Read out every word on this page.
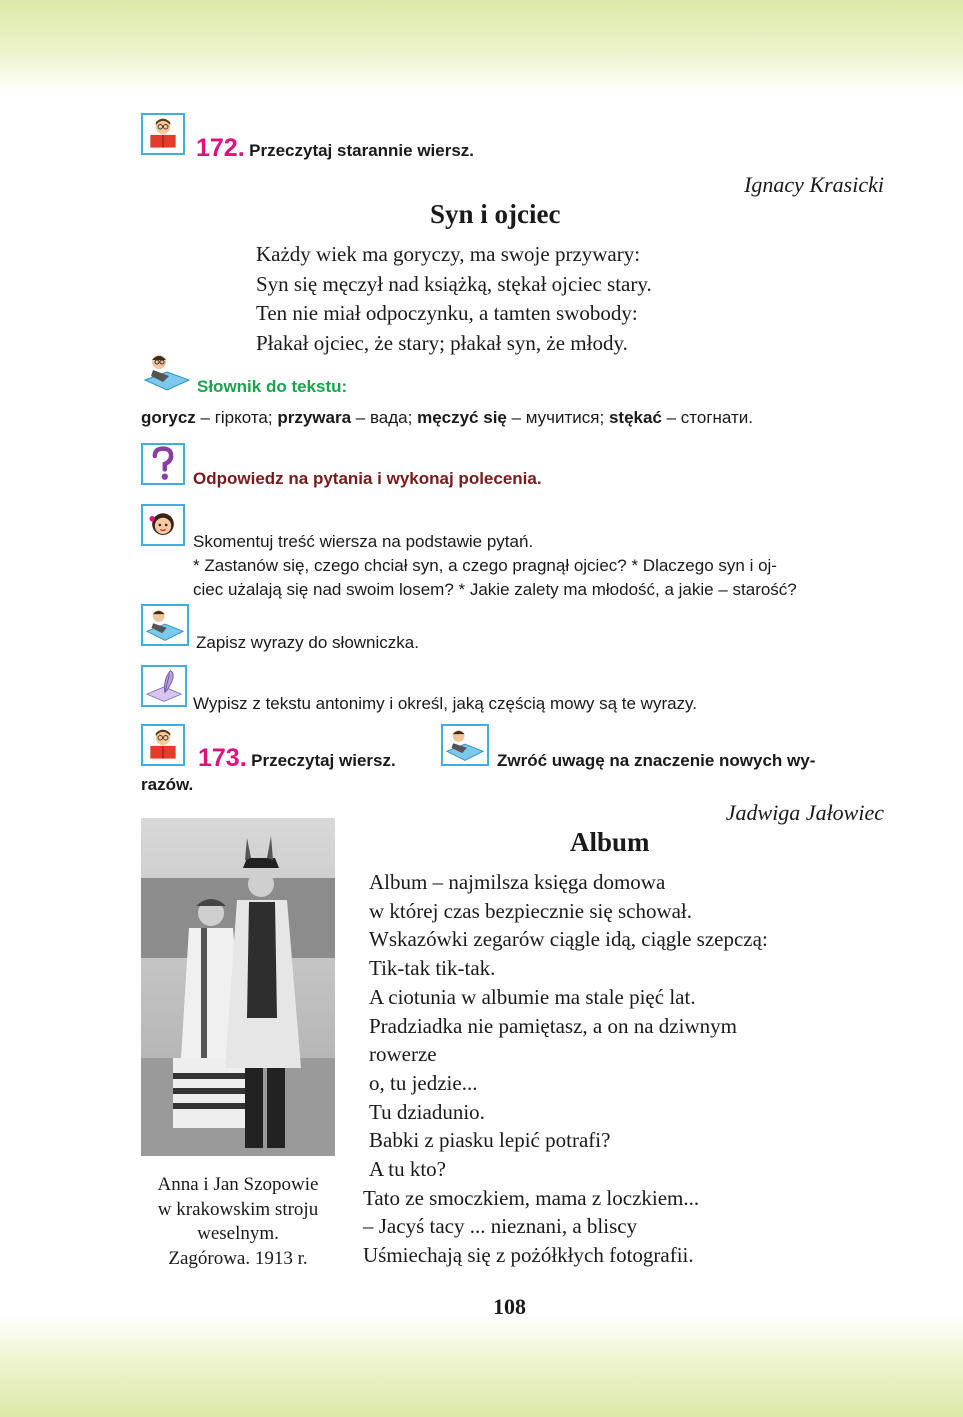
172. Przeczytaj starannie wiersz.
Ignacy Krasicki
Syn i ojciec
Każdy wiek ma goryczy, ma swoje przywary:
Syn się męczył nad książką, stękał ojciec stary.
Ten nie miał odpoczynku, a tamten swobody:
Płakał ojciec, że stary; płakał syn, że młody.
Słownik do tekstu:
gorycz – гіркота; przywara – вада; męczyć się – мучитися; stękać – стогнати.
Odpowiedz na pytania i wykonaj polecenia.
Skomentuj treść wiersza na podstawie pytań.
* Zastanów się, czego chciał syn, a czego pragnął ojciec? * Dlaczego syn i oj-
ciec użalają się nad swoim losem? * Jakie zalety ma młodość, a jakie – starość?
Zapisz wyrazy do słowniczka.
Wypisz z tekstu antonimy i określ, jaką częścią mowy są te wyrazy.
173. Przeczytaj wiersz.	Zwróć uwagę na znaczenie nowych wy-
razów.
Jadwiga Jałowiec
Album
Anna i Jan Szopowie
w krakowskim stroju
weselnym.
Zagórowa. 1913 r.
Album – najmilsza księga domowa
w której czas bezpiecznie się schował.
Wskazówki zegarów ciągle idą, ciągle szepczą:
Tik-tak tik-tak.
A ciotunia w albumie ma stale pięć lat.
Pradziadka nie pamiętasz, a on na dziwnym
rowerze
o, tu jedzie...
Tu dziadunio.
Babki z piasku lepić potrafi?
A tu kto?
Tato ze smoczkiem, mama z loczkiem...
– Jacyś tacy ... nieznani, a bliscy
Uśmiechają się z pożółkłych fotografii.
108
